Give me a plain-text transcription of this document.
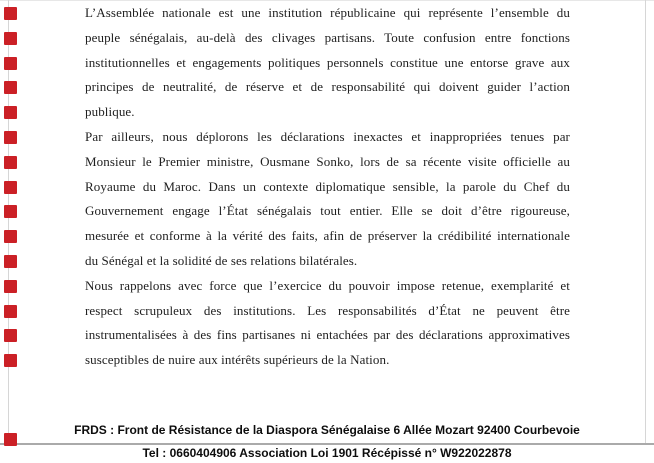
L’Assemblée nationale est une institution républicaine qui représente l’ensemble du
peuple sénégalais, au-delà des clivages partisans. Toute confusion entre fonctions
institutionnelles et engagements politiques personnels constitue une entorse grave aux
principes de neutralité, de réserve et de responsabilité qui doivent guider l’action
publique.
Par ailleurs, nous déplorons les déclarations inexactes et inappropriées tenues par
Monsieur le Premier ministre, Ousmane Sonko, lors de sa récente visite officielle au
Royaume du Maroc. Dans un contexte diplomatique sensible, la parole du Chef du
Gouvernement engage l’État sénégalais tout entier. Elle se doit d’être rigoureuse,
mesurée et conforme à la vérité des faits, afin de préserver la crédibilité internationale
du Sénégal et la solidité de ses relations bilatérales.
Nous rappelons avec force que l’exercice du pouvoir impose retenue, exemplarité et
respect scrupuleux des institutions. Les responsabilités d’État ne peuvent être
instrumentalisées à des fins partisanes ni entachées par des déclarations approximatives
susceptibles de nuire aux intérêts supérieurs de la Nation.
FRDS : Front de Résistance de la Diaspora Sénégalaise 6 Allée Mozart 92400 Courbevoie
Tel : 0660404906 Association Loi 1901 Récépissé n° W922022878
